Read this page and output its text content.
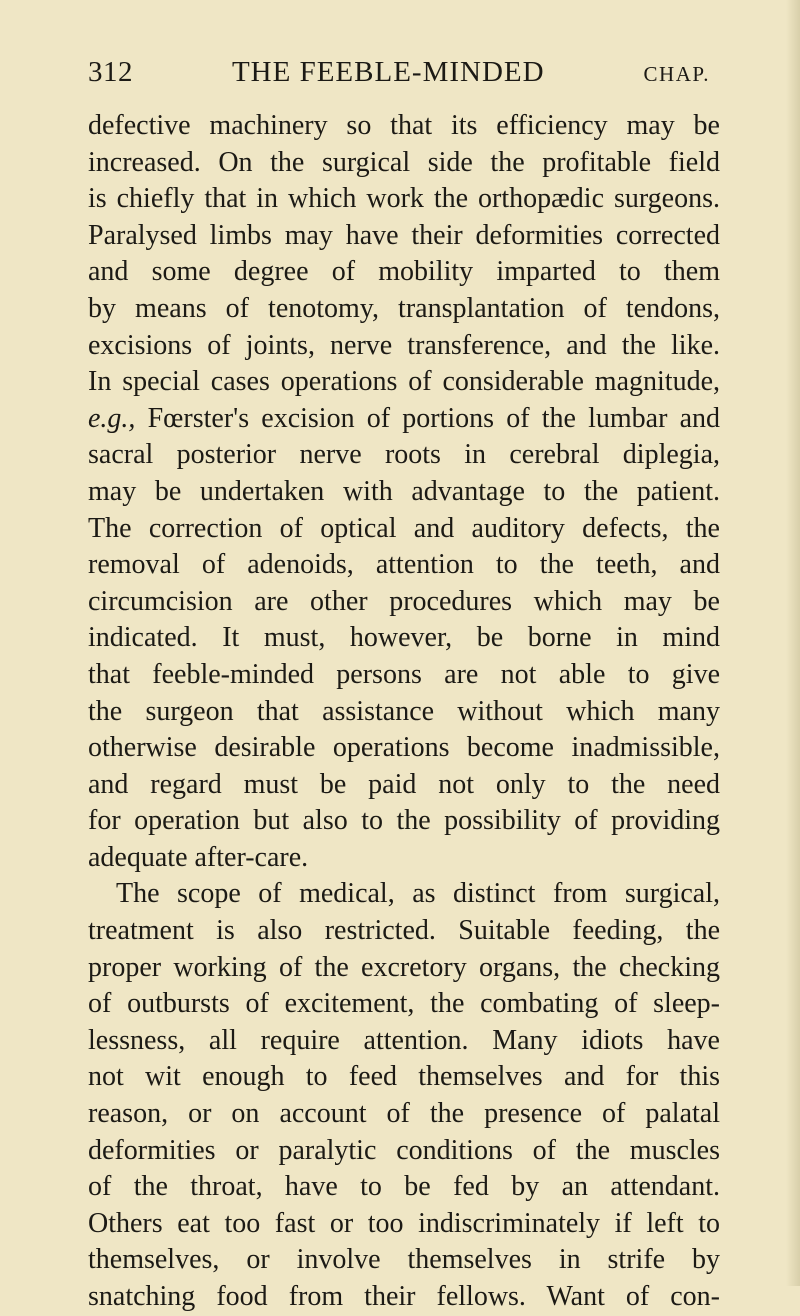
312	THE FEEBLE-MINDED	CHAP.
defective machinery so that its efficiency may be
increased. On the surgical side the profitable field
is chiefly that in which work the orthopædic surgeons.
Paralysed limbs may have their deformities corrected
and some degree of mobility imparted to them
by means of tenotomy, transplantation of tendons,
excisions of joints, nerve transference, and the like.
In special cases operations of considerable magnitude,
e.g., Fœrster's excision of portions of the lumbar and
sacral posterior nerve roots in cerebral diplegia,
may be undertaken with advantage to the patient.
The correction of optical and auditory defects, the
removal of adenoids, attention to the teeth, and
circumcision are other procedures which may be
indicated. It must, however, be borne in mind
that feeble-minded persons are not able to give
the surgeon that assistance without which many
otherwise desirable operations become inadmissible,
and regard must be paid not only to the need
for operation but also to the possibility of providing
adequate after-care.
The scope of medical, as distinct from surgical,
treatment is also restricted. Suitable feeding, the
proper working of the excretory organs, the checking
of outbursts of excitement, the combating of sleep-
lessness, all require attention. Many idiots have
not wit enough to feed themselves and for this
reason, or on account of the presence of palatal
deformities or paralytic conditions of the muscles
of the throat, have to be fed by an attendant.
Others eat too fast or too indiscriminately if left to
themselves, or involve themselves in strife by
snatching food from their fellows. Want of con-
